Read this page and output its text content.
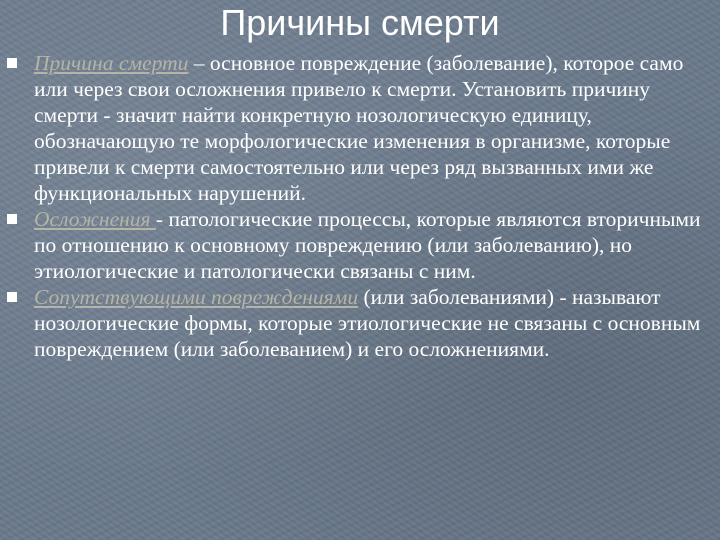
Причины смерти
Причина смерти – основное повреждение (заболевание), которое само или через свои осложнения привело к смерти. Установить причину смерти - значит найти конкретную нозологическую единицу, обозначающую те морфологические изменения в организме, которые привели к смерти самостоятельно или через ряд вызванных ими же функциональных нарушений.
Осложнения - патологические процессы, которые являются вторичными по отношению к основному повреждению (или заболеванию), но этиологические и патологически связаны с ним.
Сопутствующими повреждениями (или заболеваниями) - называют нозологические формы, которые этиологические не связаны с основным повреждением (или заболеванием) и его осложнениями.
